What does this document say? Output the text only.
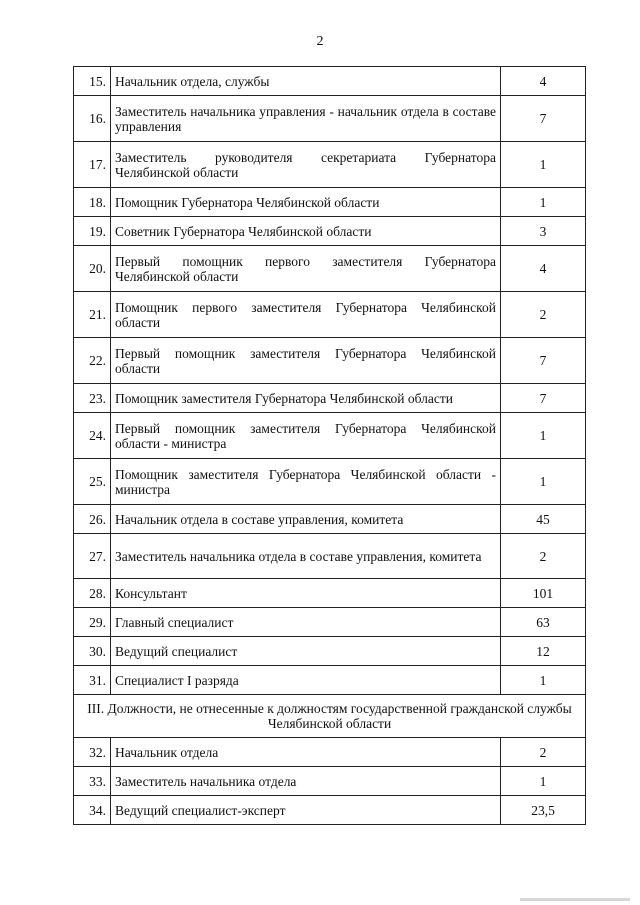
2
15.	Начальник отдела, службы	4
16.	Заместитель начальника управления - начальник отдела в составе управления	7
17.	Заместитель руководителя секретариата Губернатора Челябинской области	1
18.	Помощник Губернатора Челябинской области	1
19.	Советник Губернатора Челябинской области	3
20.	Первый помощник первого заместителя Губернатора Челябинской области	4
21.	Помощник первого заместителя Губернатора Челябинской области	2
22.	Первый помощник заместителя Губернатора Челябинской области	7
23.	Помощник заместителя Губернатора Челябинской области	7
24.	Первый помощник заместителя Губернатора Челябинской области - министра	1
25.	Помощник заместителя Губернатора Челябинской области - министра	1
26.	Начальник отдела в составе управления, комитета	45
27.	Заместитель начальника отдела в составе управления, комитета	2
28.	Консультант	101
29.	Главный специалист	63
30.	Ведущий специалист	12
31.	Специалист I разряда	1
III. Должности, не отнесенные к должностям государственной гражданской службы Челябинской области		
32.	Начальник отдела	2
33.	Заместитель начальника отдела	1
34.	Ведущий специалист-эксперт	23,5
